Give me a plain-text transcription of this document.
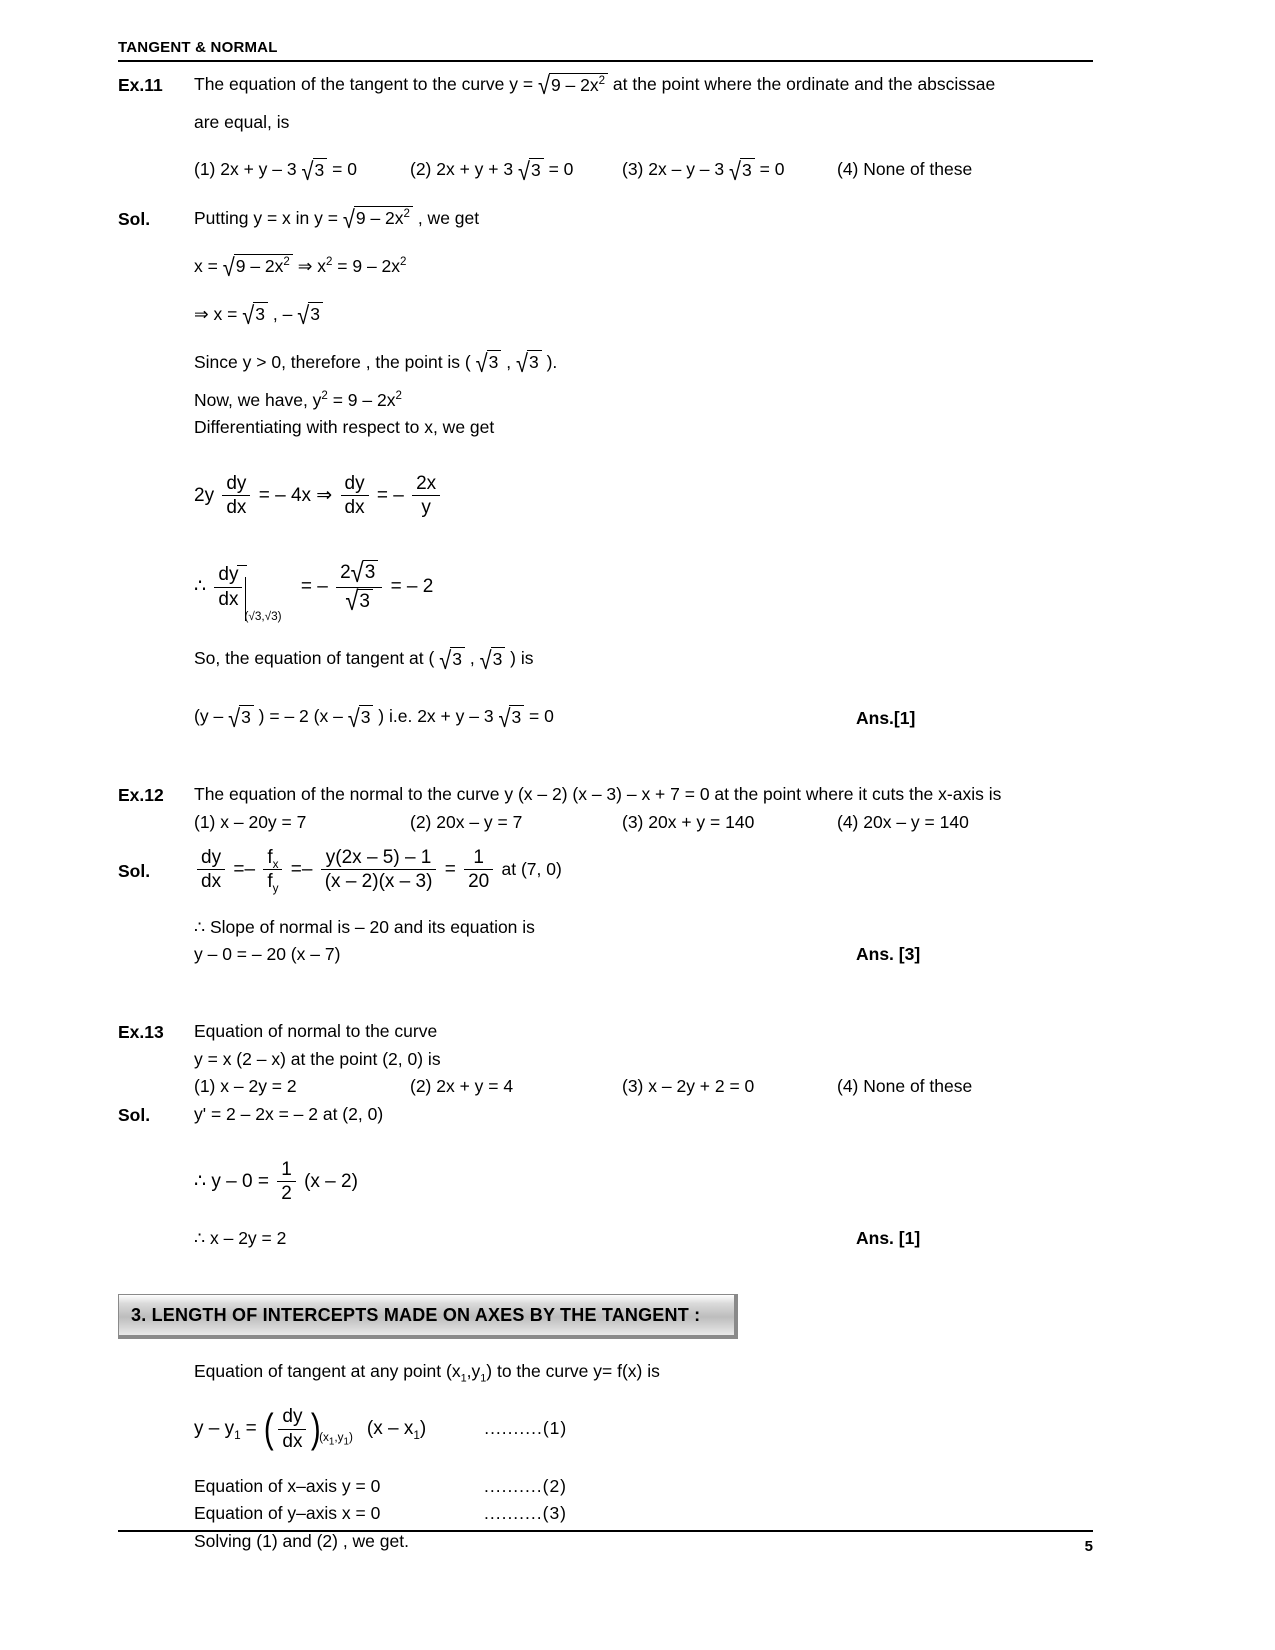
TANGENT & NORMAL
Ex.11	The equation of the tangent to the curve $y = √9 - 2x^2$ at the point where the ordinate and the abscissae
are equal, is
(1) 2x + y – 3 √3 = 0	(2) 2x + y + 3 √3 = 0	(3) 2x – y – 3 √3 = 0	(4) None of these
Sol.	Putting y = x in $y = √9 - 2x^2$ , we get
$x = √9 - 2x^2$ ⇒ $x^2 = 9 - 2x^2$
⇒ x = √3 , – √3
Since y > 0, therefore , the point is ( √3 , √3 ).
Now, we have, $y^2 = 9 - 2x^2$
Differentiating with respect to x, we get
$2y \frac{dy}{dx}$ = – 4x ⇒ $\frac{dy}{dx}$ = – $\frac{2x}{y}$
∴ $\frac{dy}{dx}$
(√3,√3) = – $\frac{2√3}{√3}$ = – 2
So, the equation of tangent at ( √3 , √3 ) is
(y – √3 ) = – 2 (x – √3 ) i.e. 2x + y – 3 √3 = 0	Ans.[1]
Ex.12	The equation of the normal to the curve y (x – 2) (x – 3) – x + 7 = 0 at the point where it cuts the x-axis is
(1) x – 20y = 7	(2) 20x – y = 7	(3) 20x + y = 140	(4) 20x – y = 140
Sol.	$\frac{dy}{dx} =- \frac{f_x}{f_y} =- \frac{y(2x - 5) - 1}{(x - 2)(x - 3)} = \frac{1}{20}$ at (7, 0)
∴ Slope of normal is – 20 and its equation is
y – 0 = – 20 (x – 7)	Ans. [3]
Ex.13	Equation of normal to the curve
y = x (2 – x) at the point (2, 0) is
(1) x – 2y = 2	(2) 2x + y = 4	(3) x – 2y + 2 = 0	(4) None of these
Sol.	y' = 2 – 2x = – 2 at (2, 0)
∴ $y - 0 = \frac{1}{2} (x - 2)$
∴ x – 2y = 2	Ans. [1]
3. LENGTH OF INTERCEPTS MADE ON AXES BY THE TANGENT :
Equation of tangent at any point $(x_1,y_1)$ to the curve y= f(x) is
y – $y_1$ = ( $\frac{dy}{dx}$ )
$(x_1,y_1)$ $(x - x_1)$	..........(1)
Equation of x–axis y = 0	..........(2)
Equation of y–axis x = 0	..........(3)
Solving (1) and (2) , we get.	5
